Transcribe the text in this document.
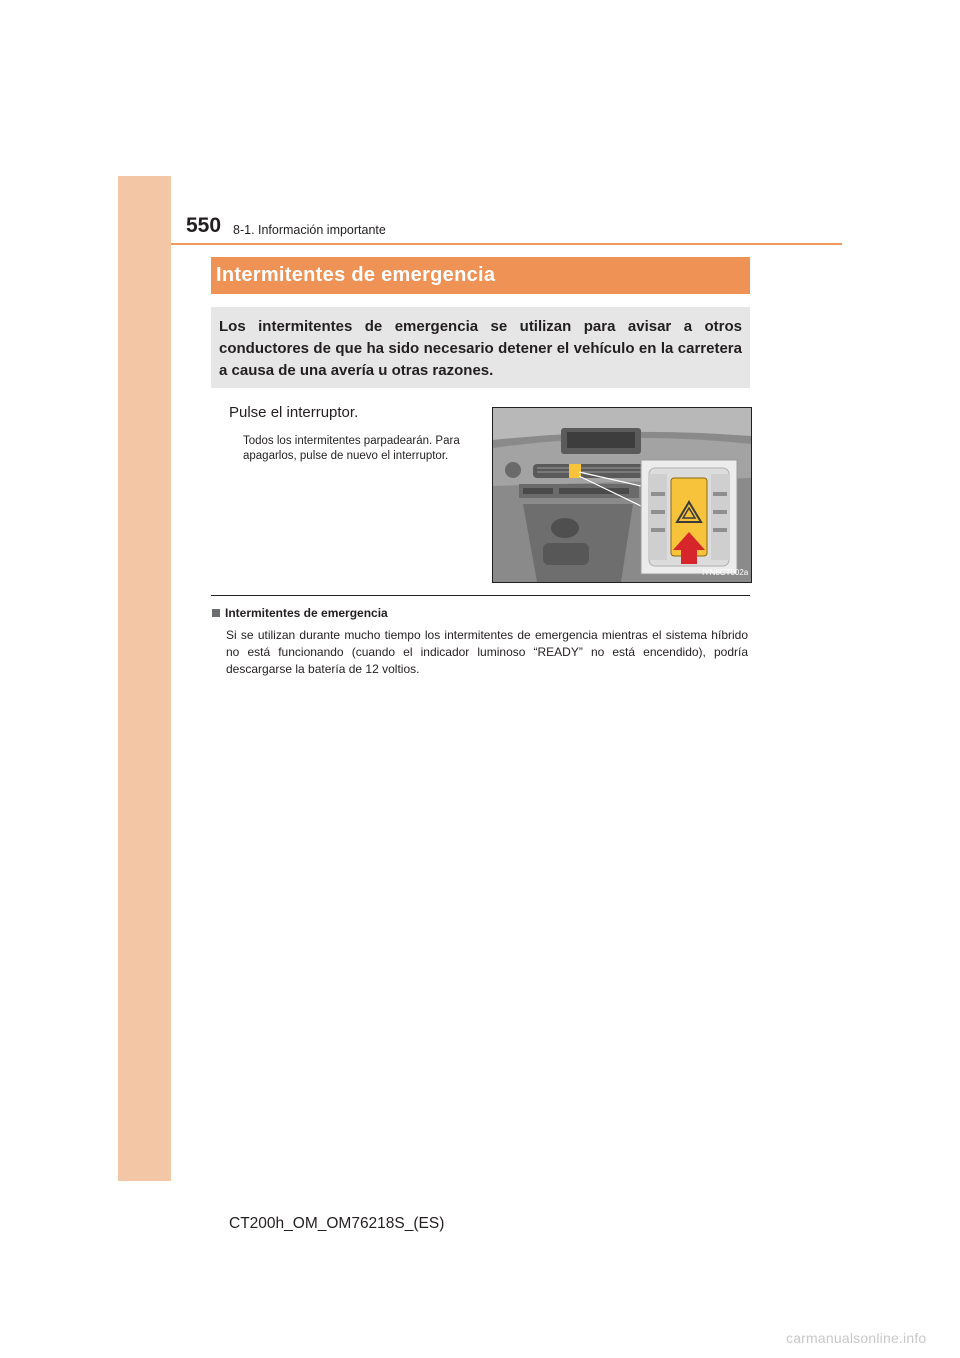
550 8-1. Información importante
Intermitentes de emergencia
Los intermitentes de emergencia se utilizan para avisar a otros conductores de que ha sido necesario detener el vehículo en la carretera a causa de una avería u otras razones.
Pulse el interruptor.
Todos los intermitentes parpadearán. Para apagarlos, pulse de nuevo el interruptor.
IYN8CT002a
Intermitentes de emergencia
Si se utilizan durante mucho tiempo los intermitentes de emergencia mientras el sistema híbrido no está funcionando (cuando el indicador luminoso “READY” no está encendido), podría descargarse la batería de 12 voltios.
CT200h_OM_OM76218S_(ES)
carmanualsonline.info
